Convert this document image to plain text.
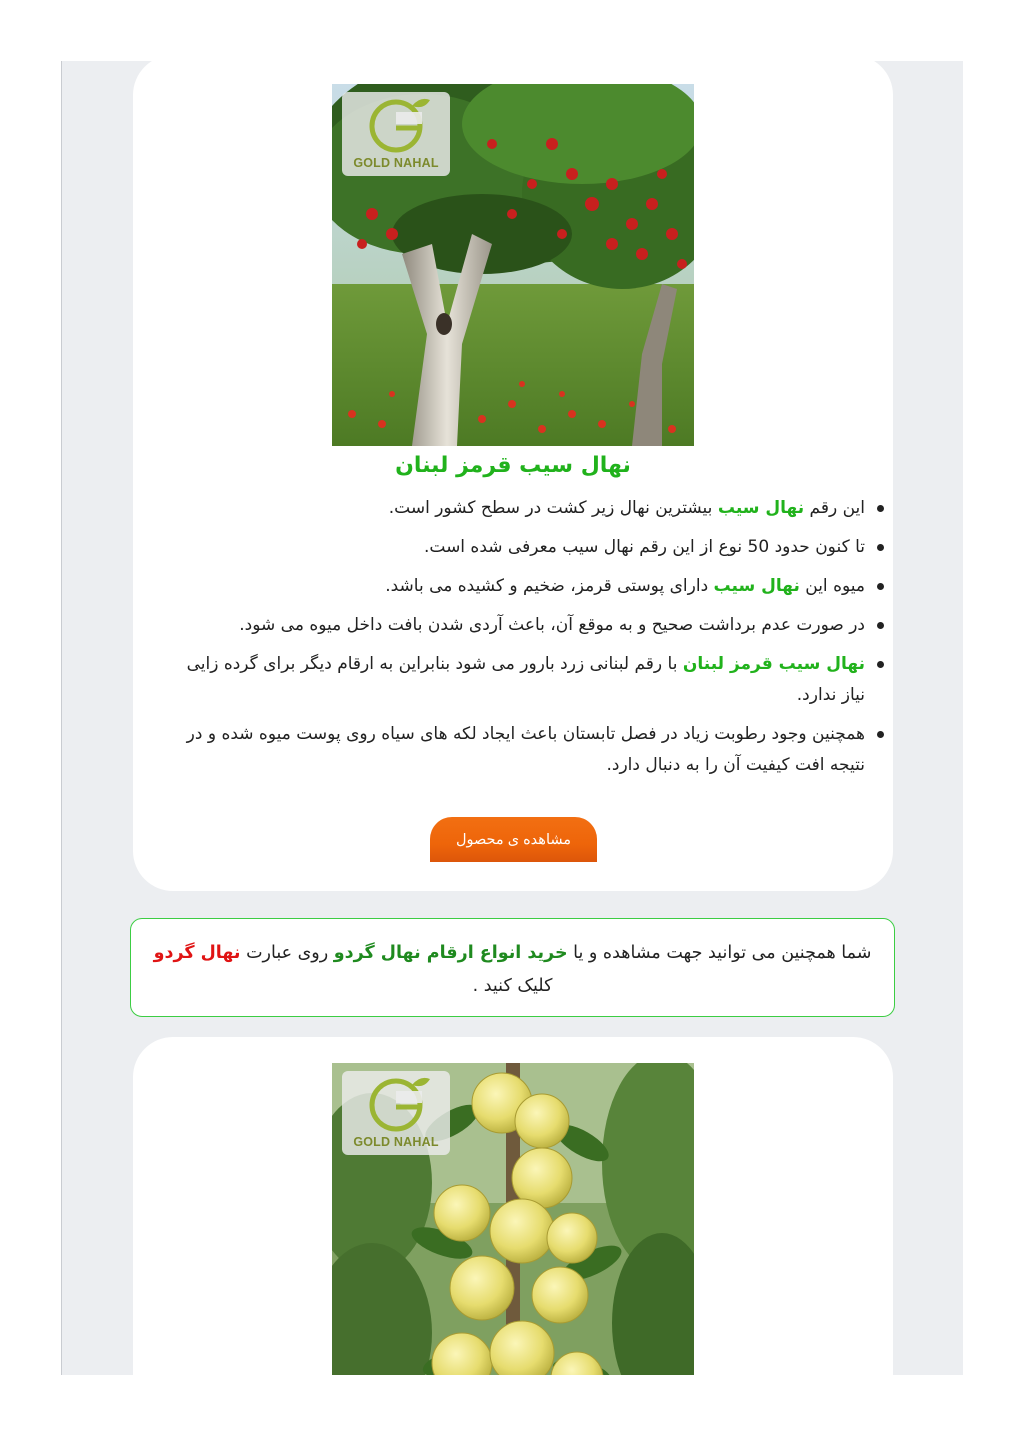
GOLD NAHAL
نهال سیب قرمز لبنان
این رقم نهال سیب بیشترین نهال زیر کشت در سطح کشور است.
تا کنون حدود 50 نوع از این رقم نهال سیب معرفی شده است.
میوه این نهال سیب دارای پوستی قرمز، ضخیم و کشیده می باشد.
در صورت عدم برداشت صحیح و به موقع آن، باعث آردی شدن بافت داخل میوه می شود.
نهال سیب قرمز لبنان با رقم لبنانی زرد بارور می شود بنابراین به ارقام دیگر برای گرده زایی نیاز ندارد.
همچنین وجود رطوبت زیاد در فصل تابستان باعث ایجاد لکه های سیاه روی پوست میوه شده و در نتیجه افت کیفیت آن را به دنبال دارد.
مشاهده ی محصول
شما همچنین می توانید جهت مشاهده و یا خرید انواع ارقام نهال گردو روی عبارت نهال گردو کلیک کنید .
GOLD NAHAL
